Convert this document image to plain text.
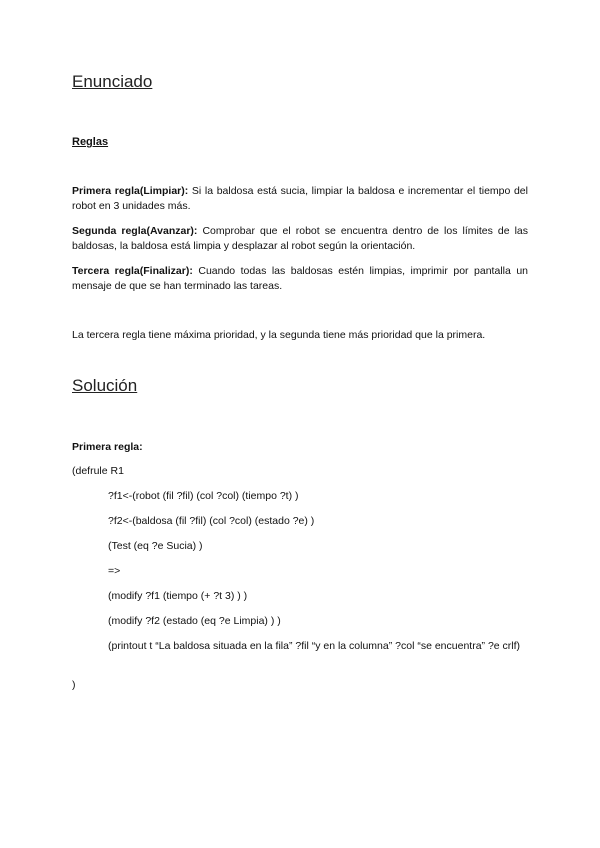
Enunciado
Reglas

Primera regla(Limpiar): Si la baldosa está sucia, limpiar la baldosa e incrementar el tiempo del robot en 3 unidades más.

Segunda regla(Avanzar): Comprobar que el robot se encuentra dentro de los límites de las baldosas, la baldosa está limpia y desplazar al robot según la orientación.

Tercera regla(Finalizar): Cuando todas las baldosas estén limpias, imprimir por pantalla un mensaje de que se han terminado las tareas.

La tercera regla tiene máxima prioridad, y la segunda tiene más prioridad que la primera.

Solución

Primera regla:

(defrule R1

?f1<-(robot (fil ?fil) (col ?col) (tiempo ?t) )

?f2<-(baldosa (fil ?fil) (col ?col) (estado ?e) )

(Test (eq ?e Sucia) )

=>

(modify ?f1 (tiempo (+ ?t 3) ) )

(modify ?f2 (estado (eq ?e Limpia) ) )

(printout t “La baldosa situada en la fila” ?fil “y en la columna” ?col “se encuentra” ?e crlf)

)
